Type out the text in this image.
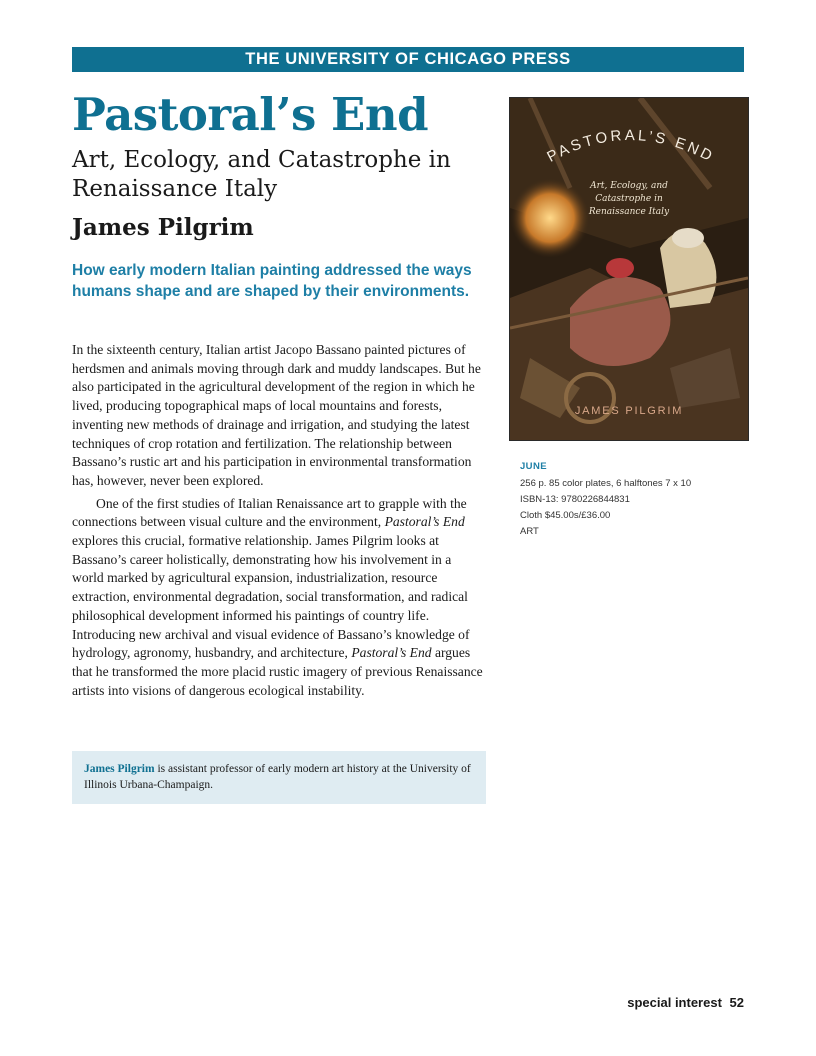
THE UNIVERSITY OF CHICAGO PRESS
Pastoral’s End
Art, Ecology, and Catastrophe in Renaissance Italy
James Pilgrim

How early modern Italian painting addressed the ways humans shape and are shaped by their environments.

In the sixteenth century, Italian artist Jacopo Bassano painted pictures of herdsmen and animals moving through dark and muddy landscapes. But he also participated in the agricultural development of the region in which he lived, producing topographical maps of local mountains and forests, inventing new methods of drainage and irrigation, and studying the latest techniques of crop rotation and fertilization. The relationship between Bassano’s rustic art and his participation in environmental transformation has, however, never been explored.

One of the first studies of Italian Renaissance art to grapple with the connections between visual culture and the environment, Pastoral’s End explores this crucial, formative relationship. James Pilgrim looks at Bassano’s career holistically, demonstrating how his involvement in a world marked by agricultural expansion, industrialization, resource extraction, environmental degradation, social transformation, and radical philosophical development informed his paintings of country life. Introducing new archival and visual evidence of Bassano’s knowledge of hydrology, agronomy, husbandry, and architecture, Pastoral’s End argues that he transformed the more placid rustic imagery of previous Renaissance artists into visions of dangerous ecological instability.

James Pilgrim is assistant professor of early modern art history at the University of Illinois Urbana-Champaign.
PASTORAL’S END
Art, Ecology, and
Catastrophe in
Renaissance Italy
JAMES PILGRIM
JUNE
256 p. 85 color plates, 6 halftones 7 x 10
ISBN-13: 9780226844831
Cloth $45.00s/£36.00
ART
special interest 52
